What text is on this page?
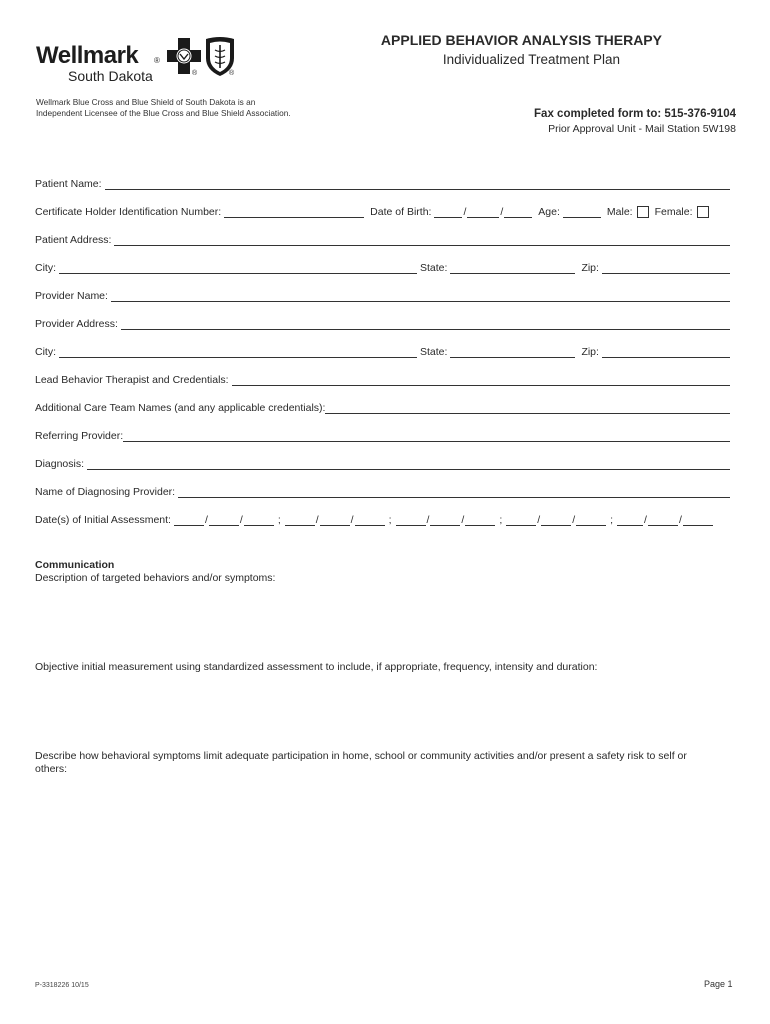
Wellmark ®
South Dakota	®	®
Wellmark Blue Cross and Blue Shield of South Dakota is an
Independent Licensee of the Blue Cross and Blue Shield Association.
APPLIED BEHAVIOR ANALYSIS THERAPY
Individualized Treatment Plan
Fax completed form to: 515-376-9104
Prior Approval Unit - Mail Station 5W198
Patient Name:
Certificate Holder Identification Number:	Date of Birth:	/	/	Age:	Male: Female:
Patient Address:
City:	State:	Zip:
Provider Name:
Provider Address:
City:	State:	Zip:
Lead Behavior Therapist and Credentials:
Additional Care Team Names (and any applicable credentials):
Referring Provider:
Diagnosis:
Name of Diagnosing Provider:
Date(s) of Initial Assessment:	/	/	;	/	/	;	/	/	;	/	/	;	/	/
Communication
Description of targeted behaviors and/or symptoms:
Objective initial measurement using standardized assessment to include, if appropriate, frequency, intensity and duration:
Describe how behavioral symptoms limit adequate participation in home, school or community activities and/or present a safety risk to self or
others:
P-3318226 10/15	Page 1
